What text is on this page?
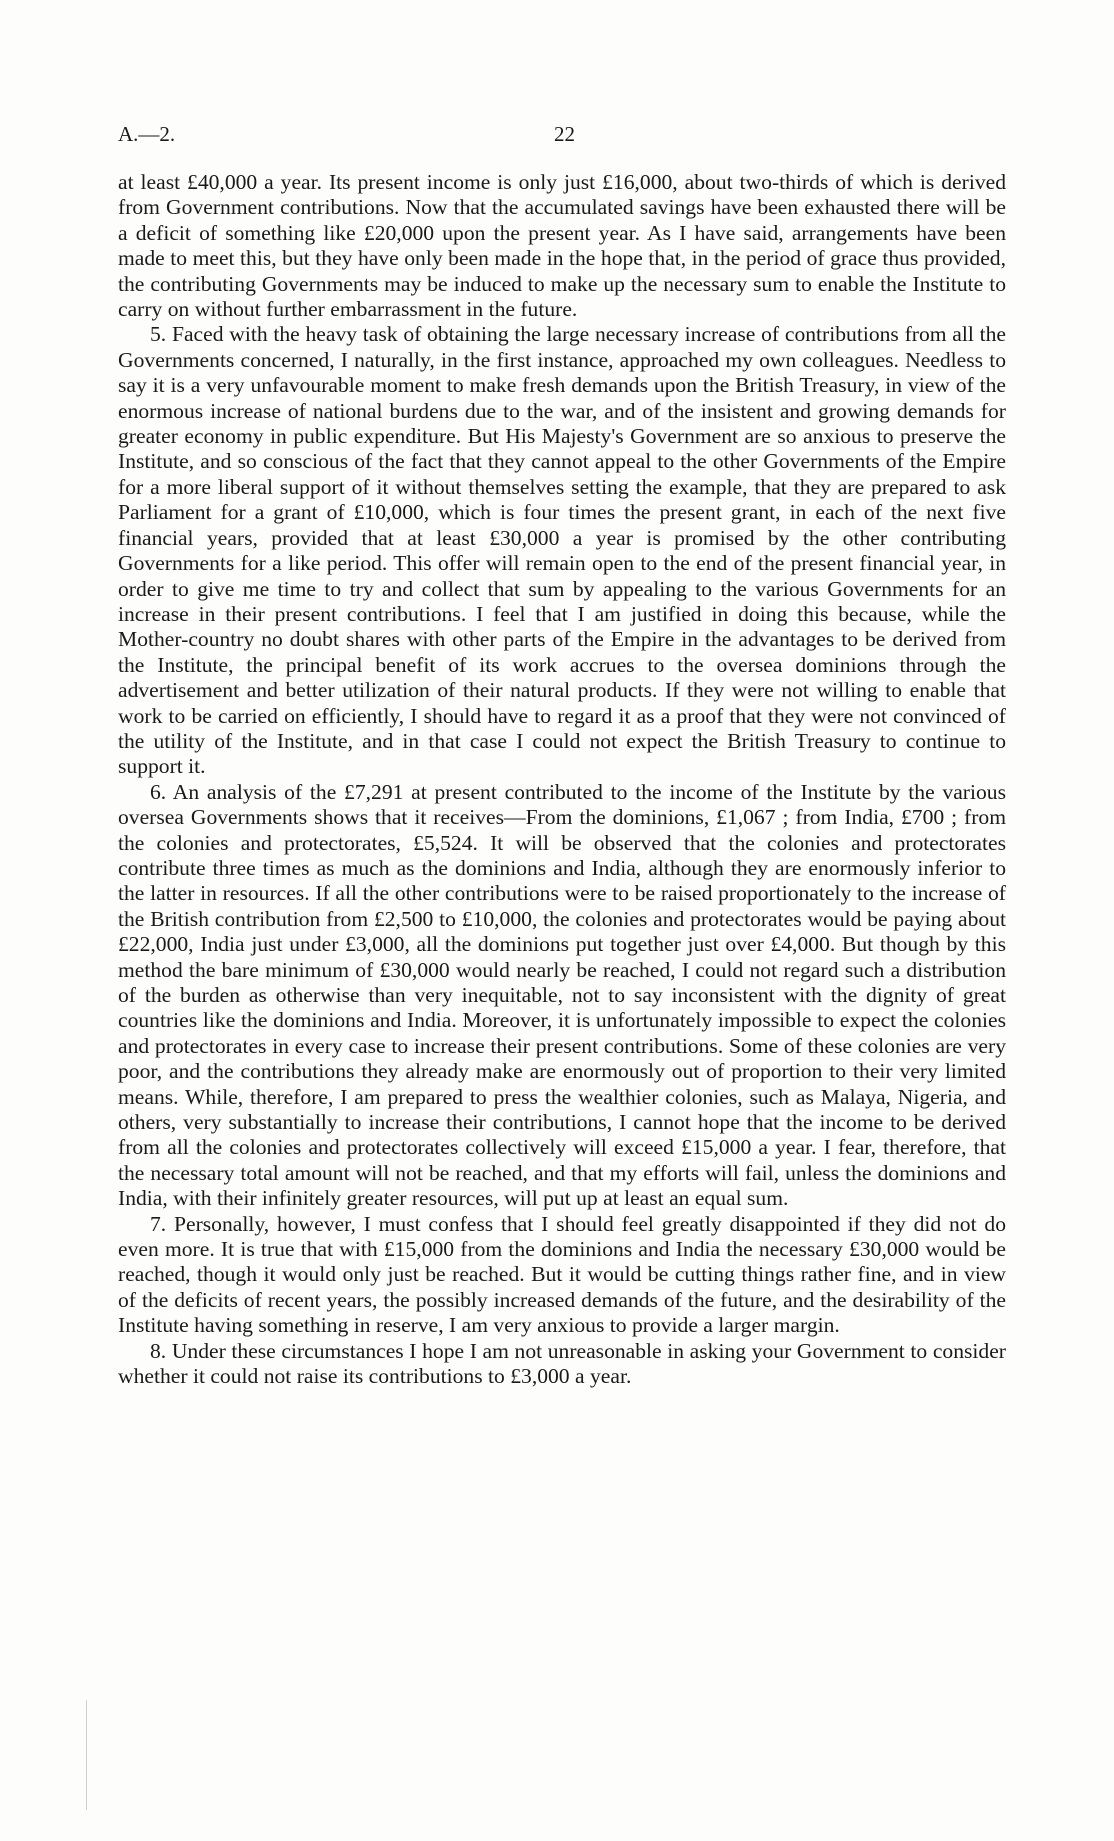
A.—2.	22

at least £40,000 a year. Its present income is only just £16,000, about two-thirds of which is derived from Government contributions. Now that the accumulated savings have been exhausted there will be a deficit of something like £20,000 upon the present year. As I have said, arrangements have been made to meet this, but they have only been made in the hope that, in the period of grace thus provided, the contributing Governments may be induced to make up the necessary sum to enable the Institute to carry on without further embarrassment in the future.

5. Faced with the heavy task of obtaining the large necessary increase of contributions from all the Governments concerned, I naturally, in the first instance, approached my own colleagues. Needless to say it is a very unfavourable moment to make fresh demands upon the British Treasury, in view of the enormous increase of national burdens due to the war, and of the insistent and growing demands for greater economy in public expenditure. But His Majesty's Government are so anxious to preserve the Institute, and so conscious of the fact that they cannot appeal to the other Governments of the Empire for a more liberal support of it without themselves setting the example, that they are prepared to ask Parliament for a grant of £10,000, which is four times the present grant, in each of the next five financial years, provided that at least £30,000 a year is promised by the other contributing Governments for a like period. This offer will remain open to the end of the present financial year, in order to give me time to try and collect that sum by appealing to the various Governments for an increase in their present contributions. I feel that I am justified in doing this because, while the Mother-country no doubt shares with other parts of the Empire in the advantages to be derived from the Institute, the principal benefit of its work accrues to the oversea dominions through the advertisement and better utilization of their natural products. If they were not willing to enable that work to be carried on efficiently, I should have to regard it as a proof that they were not convinced of the utility of the Institute, and in that case I could not expect the British Treasury to continue to support it.

6. An analysis of the £7,291 at present contributed to the income of the Institute by the various oversea Governments shows that it receives—From the dominions, £1,067 ; from India, £700 ; from the colonies and protectorates, £5,524. It will be observed that the colonies and protectorates contribute three times as much as the dominions and India, although they are enormously inferior to the latter in resources. If all the other contributions were to be raised proportionately to the increase of the British contribution from £2,500 to £10,000, the colonies and protectorates would be paying about £22,000, India just under £3,000, all the dominions put together just over £4,000. But though by this method the bare minimum of £30,000 would nearly be reached, I could not regard such a distribution of the burden as otherwise than very inequitable, not to say inconsistent with the dignity of great countries like the dominions and India. Moreover, it is unfortunately impossible to expect the colonies and protectorates in every case to increase their present contributions. Some of these colonies are very poor, and the contributions they already make are enormously out of proportion to their very limited means. While, therefore, I am prepared to press the wealthier colonies, such as Malaya, Nigeria, and others, very substantially to increase their contributions, I cannot hope that the income to be derived from all the colonies and protectorates collectively will exceed £15,000 a year. I fear, therefore, that the necessary total amount will not be reached, and that my efforts will fail, unless the dominions and India, with their infinitely greater resources, will put up at least an equal sum.

7. Personally, however, I must confess that I should feel greatly disappointed if they did not do even more. It is true that with £15,000 from the dominions and India the necessary £30,000 would be reached, though it would only just be reached. But it would be cutting things rather fine, and in view of the deficits of recent years, the possibly increased demands of the future, and the desirability of the Institute having something in reserve, I am very anxious to provide a larger margin.

8. Under these circumstances I hope I am not unreasonable in asking your Government to consider whether it could not raise its contributions to £3,000 a year.
